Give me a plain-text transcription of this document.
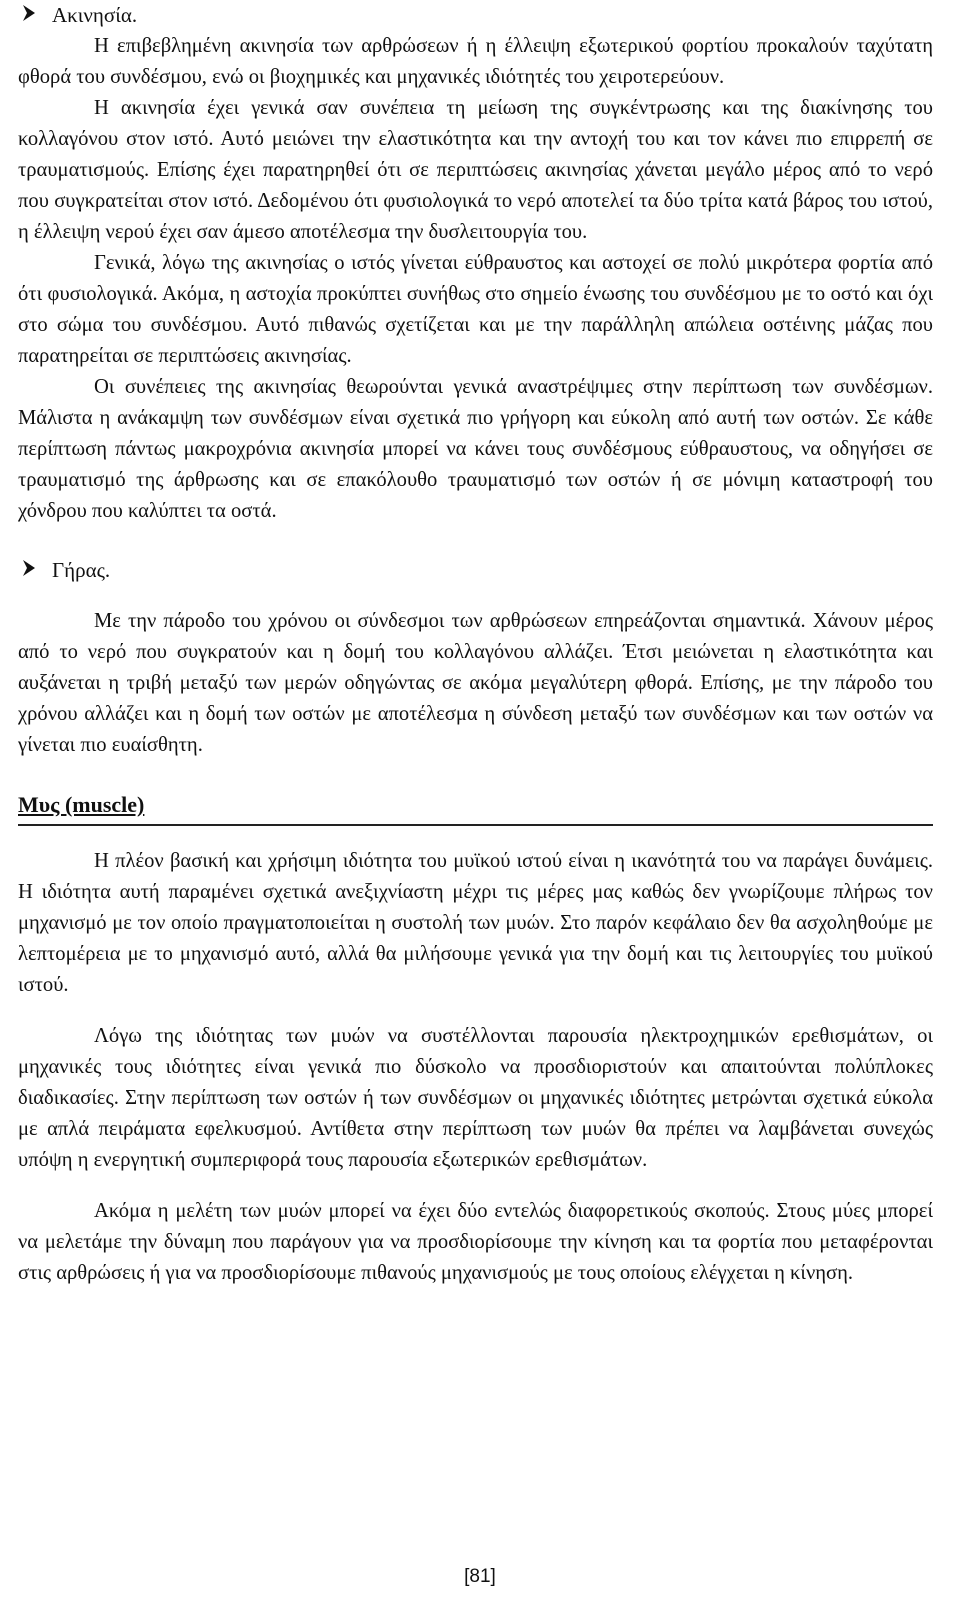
Ακινησία.

Η επιβεβλημένη ακινησία των αρθρώσεων ή η έλλειψη εξωτερικού φορτίου προκαλούν ταχύτατη φθορά του συνδέσμου, ενώ οι βιοχημικές και μηχανικές ιδιότητές του χειροτερεύουν.

Η ακινησία έχει γενικά σαν συνέπεια τη μείωση της συγκέντρωσης και της διακίνησης του κολλαγόνου στον ιστό. Αυτό μειώνει την ελαστικότητα και την αντοχή του και τον κάνει πιο επιρρεπή σε τραυματισμούς. Επίσης έχει παρατηρηθεί ότι σε περιπτώσεις ακινησίας χάνεται μεγάλο μέρος από το νερό που συγκρατείται στον ιστό. Δεδομένου ότι φυσιολογικά το νερό αποτελεί τα δύο τρίτα κατά βάρος του ιστού, η έλλειψη νερού έχει σαν άμεσο αποτέλεσμα την δυσλειτουργία του.

Γενικά, λόγω της ακινησίας ο ιστός γίνεται εύθραυστος και αστοχεί σε πολύ μικρότερα φορτία από ότι φυσιολογικά. Ακόμα, η αστοχία προκύπτει συνήθως στο σημείο ένωσης του συνδέσμου με το οστό και όχι στο σώμα του συνδέσμου. Αυτό πιθανώς σχετίζεται και με την παράλληλη απώλεια οστέινης μάζας που παρατηρείται σε περιπτώσεις ακινησίας.

Οι συνέπειες της ακινησίας θεωρούνται γενικά αναστρέψιμες στην περίπτωση των συνδέσμων. Μάλιστα η ανάκαμψη των συνδέσμων είναι σχετικά πιο γρήγορη και εύκολη από αυτή των οστών. Σε κάθε περίπτωση πάντως μακροχρόνια ακινησία μπορεί να κάνει τους συνδέσμους εύθραυστους, να οδηγήσει σε τραυματισμό της άρθρωσης και σε επακόλουθο τραυματισμό των οστών ή σε μόνιμη καταστροφή του χόνδρου που καλύπτει τα οστά.

Γήρας.

Με την πάροδο του χρόνου οι σύνδεσμοι των αρθρώσεων επηρεάζονται σημαντικά. Χάνουν μέρος από το νερό που συγκρατούν και η δομή του κολλαγόνου αλλάζει. Έτσι μειώνεται η ελαστικότητα και αυξάνεται η τριβή μεταξύ των μερών οδηγώντας σε ακόμα μεγαλύτερη φθορά. Επίσης, με την πάροδο του χρόνου αλλάζει και η δομή των οστών με αποτέλεσμα η σύνδεση μεταξύ των συνδέσμων και των οστών να γίνεται πιο ευαίσθητη.

Μυς (muscle)

Η πλέον βασική και χρήσιμη ιδιότητα του μυϊκού ιστού είναι η ικανότητά του να παράγει δυνάμεις. Η ιδιότητα αυτή παραμένει σχετικά ανεξιχνίαστη μέχρι τις μέρες μας καθώς δεν γνωρίζουμε πλήρως τον μηχανισμό με τον οποίο πραγματοποιείται η συστολή των μυών. Στο παρόν κεφάλαιο δεν θα ασχοληθούμε με λεπτομέρεια με το μηχανισμό αυτό, αλλά θα μιλήσουμε γενικά για την δομή και τις λειτουργίες του μυϊκού ιστού.

Λόγω της ιδιότητας των μυών να συστέλλονται παρουσία ηλεκτροχημικών ερεθισμάτων, οι μηχανικές τους ιδιότητες είναι γενικά πιο δύσκολο να προσδιοριστούν και απαιτούνται πολύπλοκες διαδικασίες. Στην περίπτωση των οστών ή των συνδέσμων οι μηχανικές ιδιότητες μετρώνται σχετικά εύκολα με απλά πειράματα εφελκυσμού. Αντίθετα στην περίπτωση των μυών θα πρέπει να λαμβάνεται συνεχώς υπόψη η ενεργητική συμπεριφορά τους παρουσία εξωτερικών ερεθισμάτων.

Ακόμα η μελέτη των μυών μπορεί να έχει δύο εντελώς διαφορετικούς σκοπούς. Στους μύες μπορεί να μελετάμε την δύναμη που παράγουν για να προσδιορίσουμε την κίνηση και τα φορτία που μεταφέρονται στις αρθρώσεις ή για να προσδιορίσουμε πιθανούς μηχανισμούς με τους οποίους ελέγχεται η κίνηση.

[81]
